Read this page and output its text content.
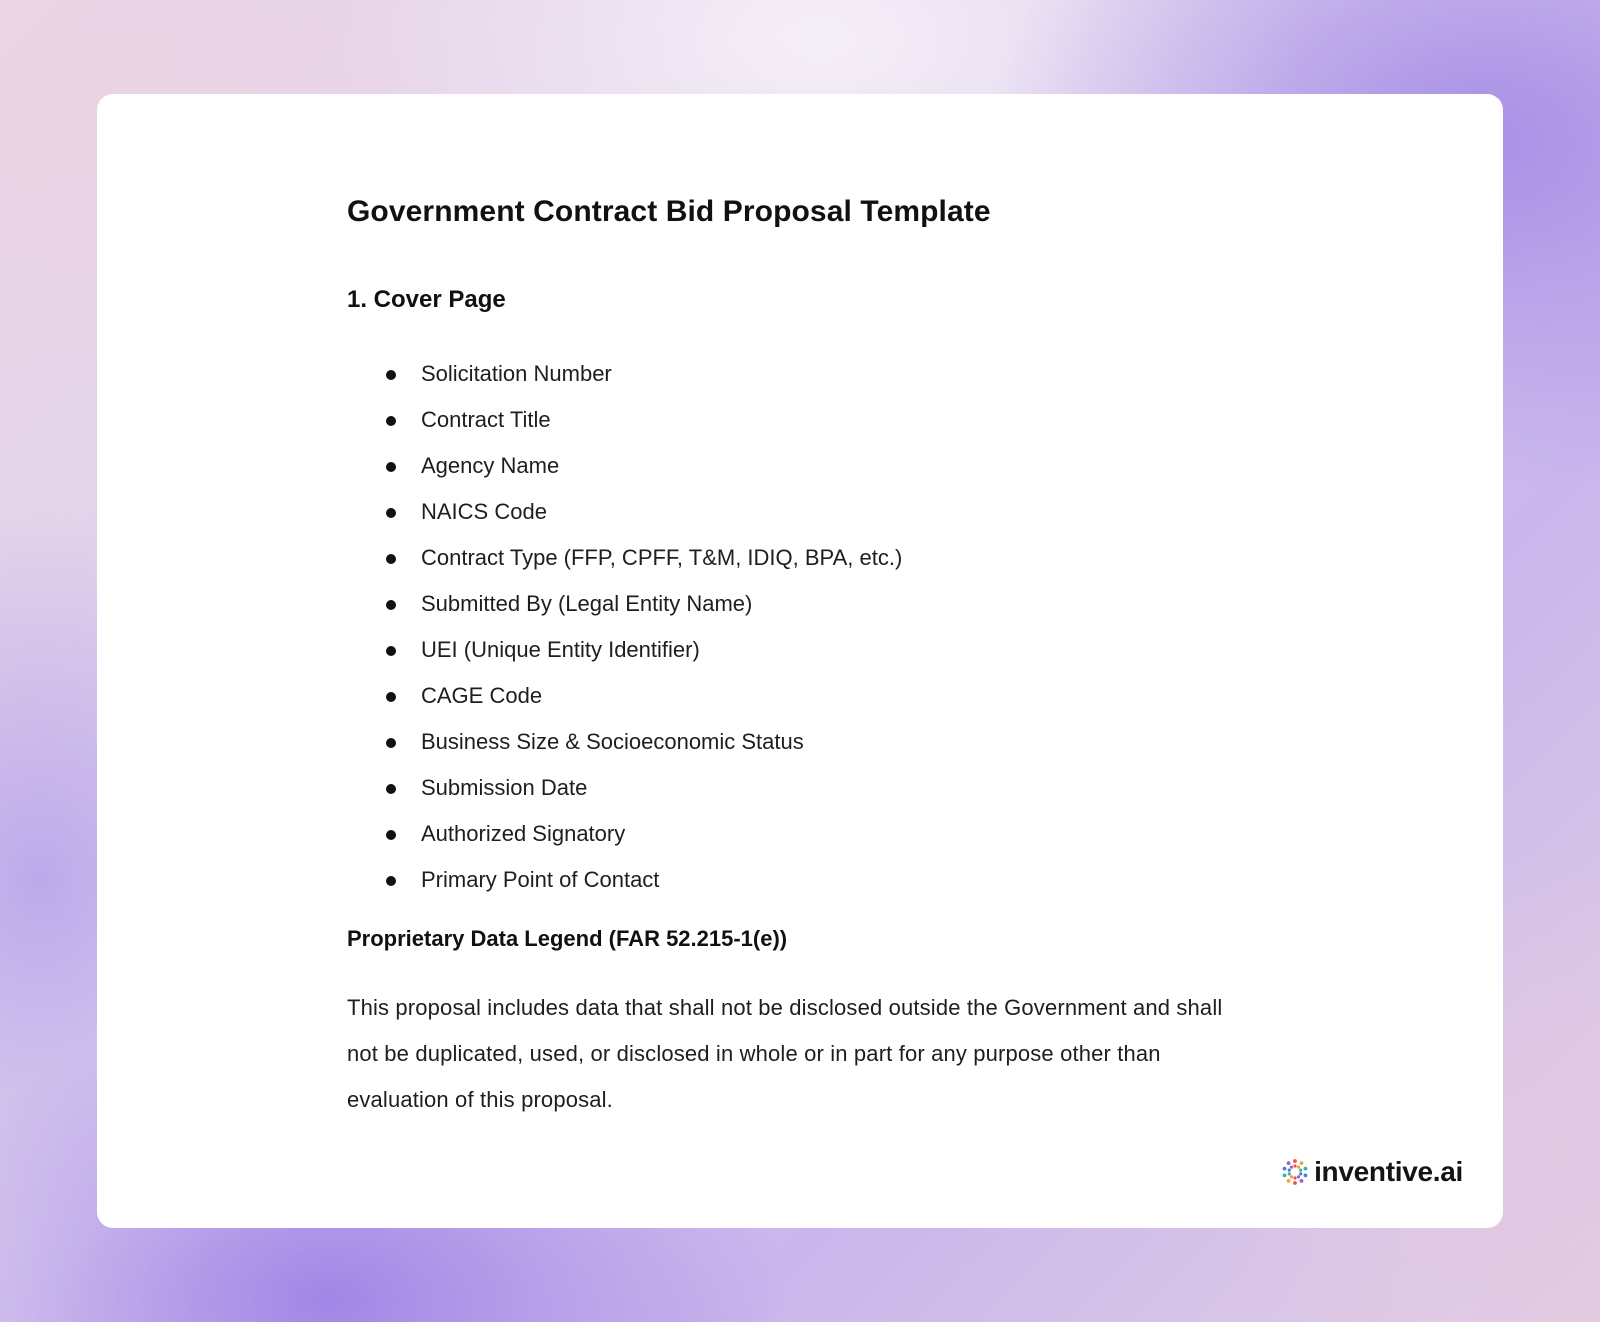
Government Contract Bid Proposal Template
1. Cover Page
Solicitation Number
Contract Title
Agency Name
NAICS Code
Contract Type (FFP, CPFF, T&M, IDIQ, BPA, etc.)
Submitted By (Legal Entity Name)
UEI (Unique Entity Identifier)
CAGE Code
Business Size & Socioeconomic Status
Submission Date
Authorized Signatory
Primary Point of Contact
Proprietary Data Legend (FAR 52.215-1(e))

This proposal includes data that shall not be disclosed outside the Government and shall not be duplicated, used, or disclosed in whole or in part for any purpose other than evaluation of this proposal.

inventive.ai
